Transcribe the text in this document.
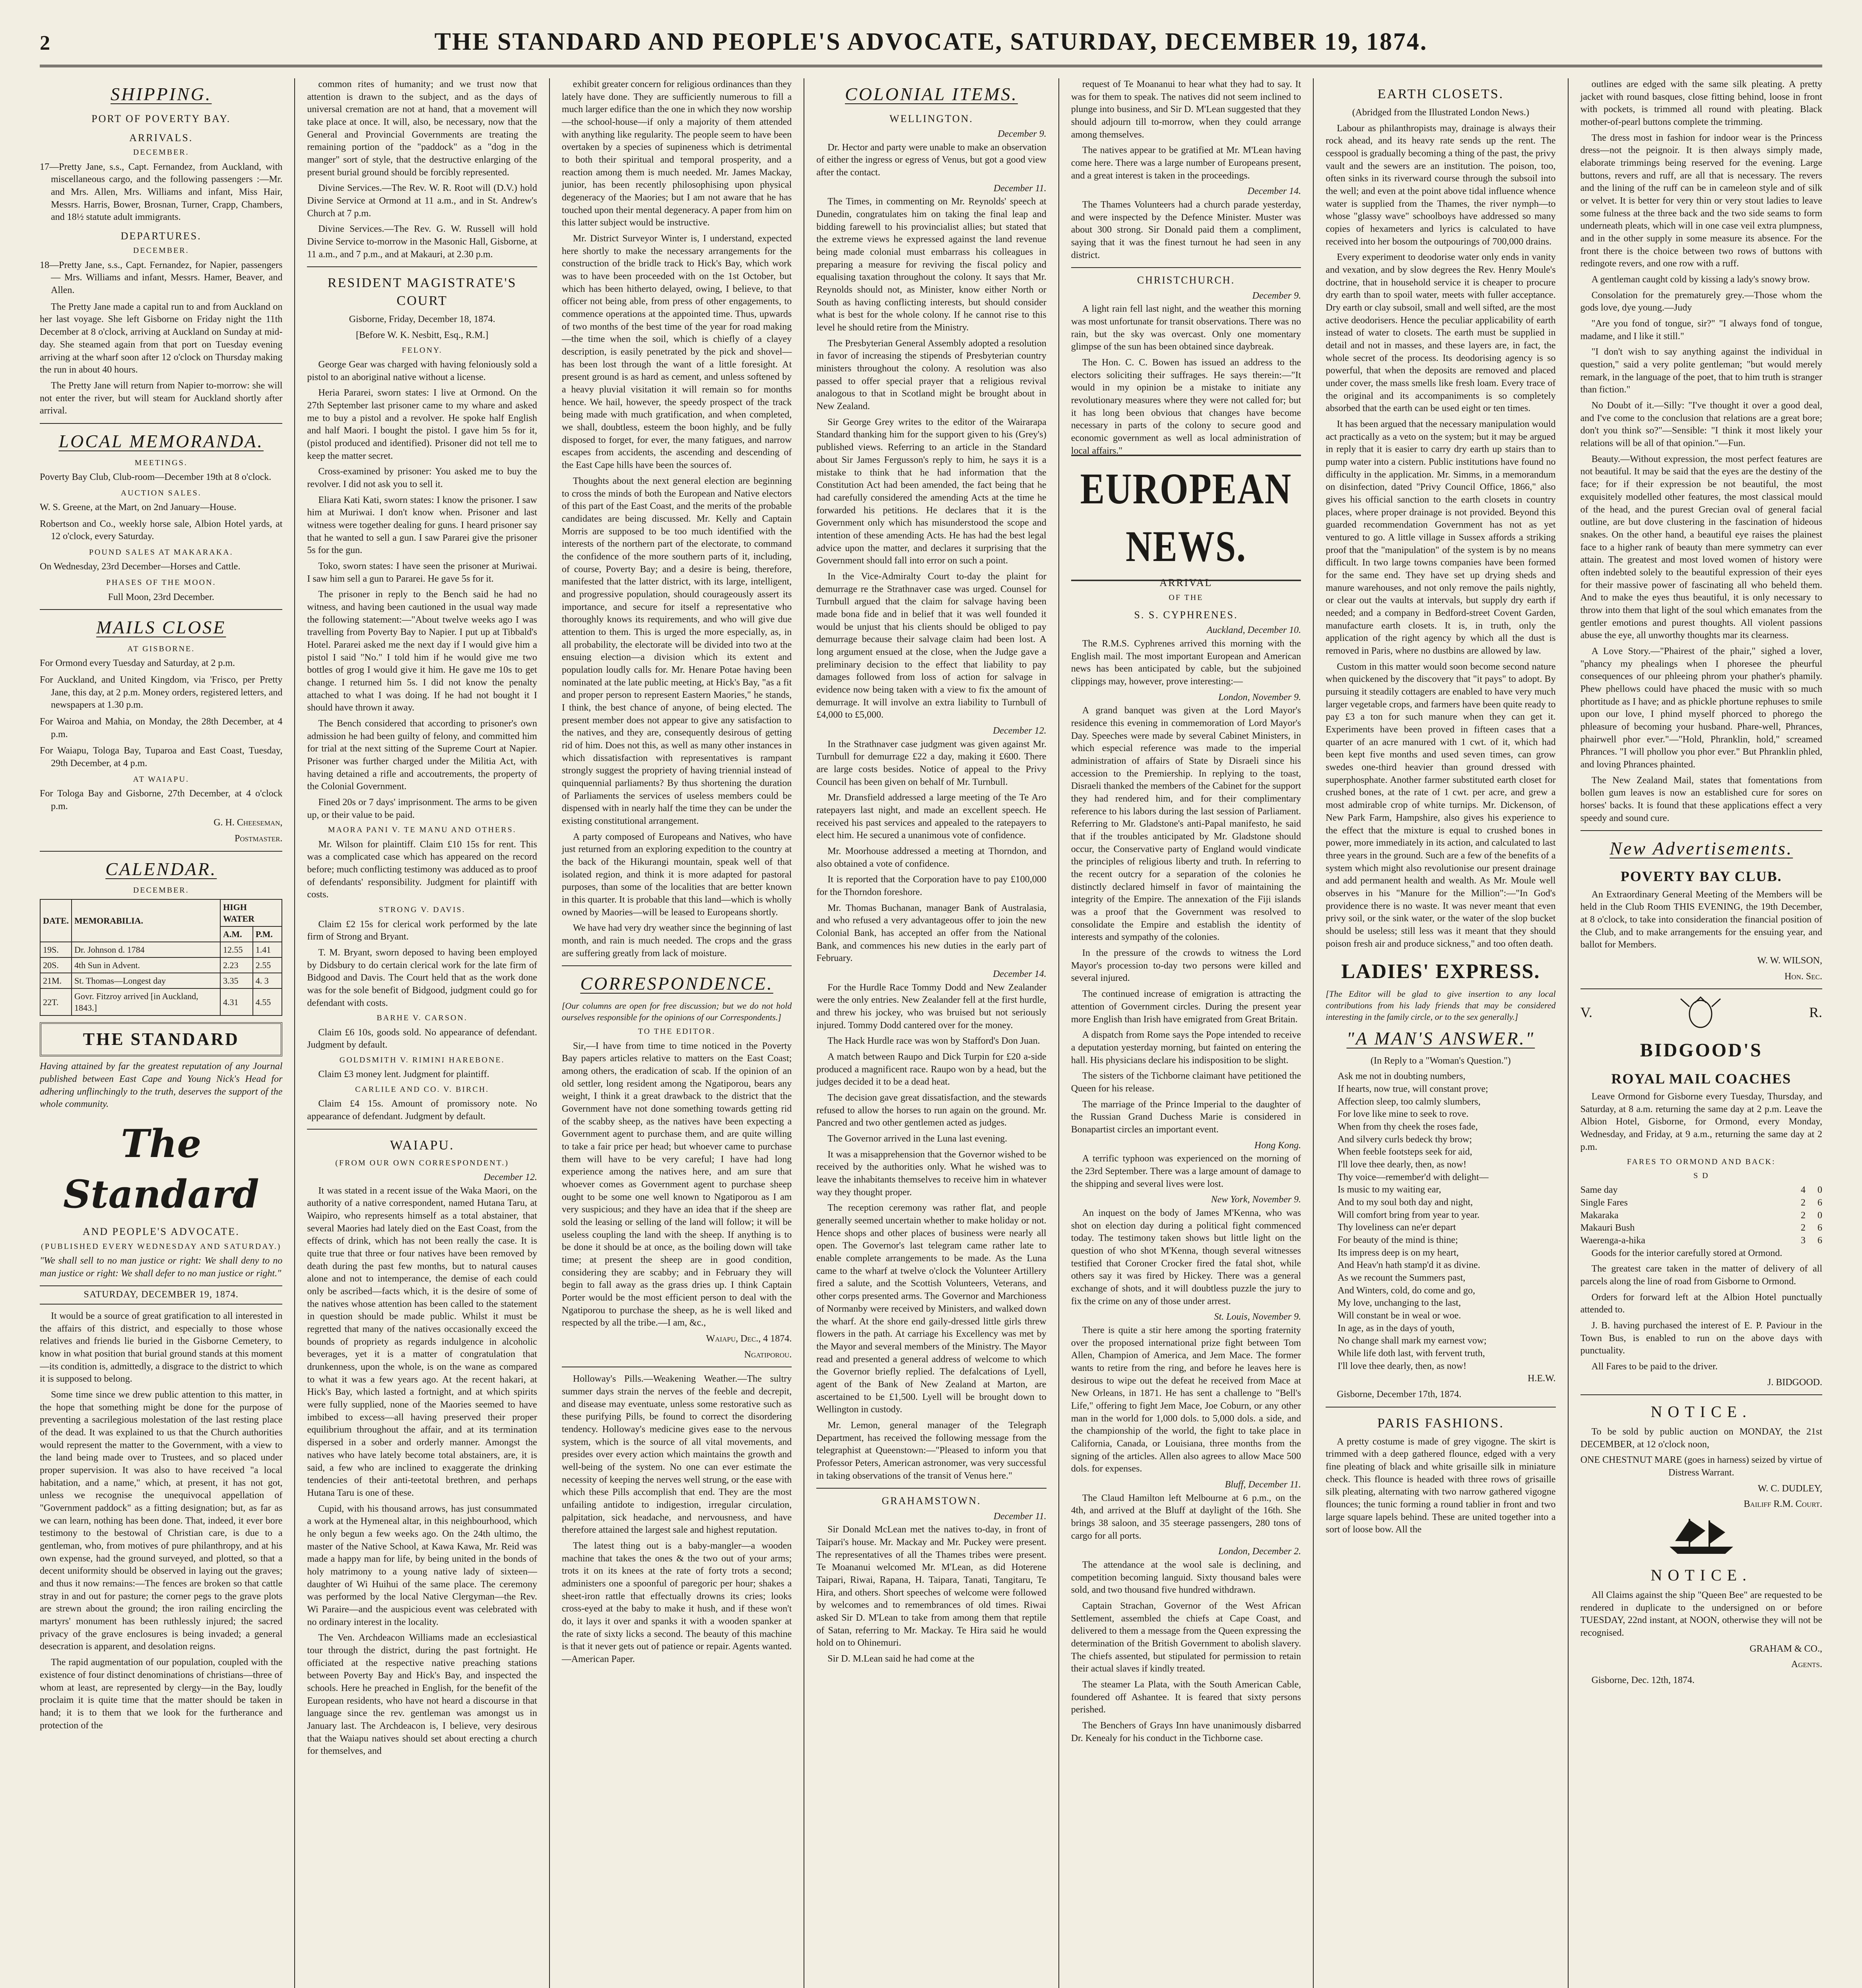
2	THE STANDARD AND PEOPLE'S ADVOCATE, SATURDAY, DECEMBER 19, 1874.
SHIPPING.
PORT OF POVERTY BAY.
ARRIVALS.
DECEMBER.

17—Pretty Jane, s.s., Capt. Fernandez, from Auckland, with miscellaneous cargo, and the following passengers :—Mr. and Mrs. Allen, Mrs. Williams and infant, Miss Hair, Messrs. Harris, Bower, Brosnan, Turner, Crapp, Chambers, and 18½ statute adult immigrants.

DEPARTURES.
DECEMBER.

18—Pretty Jane, s.s., Capt. Fernandez, for Napier, passengers — Mrs. Williams and infant, Messrs. Hamer, Beaver, and Allen.

The Pretty Jane made a capital run to and from Auckland on her last voyage. She left Gisborne on Friday night the 11th December at 8 o'clock, arriving at Auckland on Sunday at mid-day. She steamed again from that port on Tuesday evening arriving at the wharf soon after 12 o'clock on Thursday making the run in about 40 hours.

The Pretty Jane will return from Napier to-morrow: she will not enter the river, but will steam for Auckland shortly after arrival.

LOCAL MEMORANDA.
MEETINGS.

Poverty Bay Club, Club-room—December 19th at 8 o'clock.

AUCTION SALES.

W. S. Greene, at the Mart, on 2nd January—House.

Robertson and Co., weekly horse sale, Albion Hotel yards, at 12 o'clock, every Saturday.

POUND SALES AT MAKARAKA.

On Wednesday, 23rd December—Horses and Cattle.

PHASES OF THE MOON.

Full Moon, 23rd December.

MAILS CLOSE
AT GISBORNE.

For Ormond every Tuesday and Saturday, at 2 p.m.

For Auckland, and United Kingdom, via 'Frisco, per Pretty Jane, this day, at 2 p.m. Money orders, registered letters, and newspapers at 1.30 p.m.

For Wairoa and Mahia, on Monday, the 28th December, at 4 p.m.

For Waiapu, Tologa Bay, Tuparoa and East Coast, Tuesday, 29th December, at 4 p.m.

AT WAIAPU.

For Tologa Bay and Gisborne, 27th December, at 4 o'clock p.m.

G. H. Cheeseman,

Postmaster.

CALENDAR.
DECEMBER.
DATE.	MEMORABILIA.	HIGH WATER	
		A.M.	P.M.
19S.	Dr. Johnson d. 1784	12.55	1.41
20S.	4th Sun in Advent.	2.23	2.55
21M.	St. Thomas—Longest day	3.35	4. 3
22T.	Govr. Fitzroy arrived [in Auckland, 1843.]	4.31	4.55
THE STANDARD

Having attained by far the greatest reputation of any Journal published between East Cape and Young Nick's Head for adhering unflinchingly to the truth, deserves the support of the whole community.

The Standard
AND PEOPLE'S ADVOCATE.
(PUBLISHED EVERY WEDNESDAY AND SATURDAY.)

"We shall sell to no man justice or right: We shall deny to no man justice or right: We shall defer to no man justice or right."

SATURDAY, DECEMBER 19, 1874.

It would be a source of great gratification to all interested in the affairs of this district, and especially to those whose relatives and friends lie buried in the Gisborne Cemetery, to know in what position that burial ground stands at this moment—its condition is, admittedly, a disgrace to the district to which it is supposed to belong.

Some time since we drew public attention to this matter, in the hope that something might be done for the purpose of preventing a sacrilegious molestation of the last resting place of the dead. It was explained to us that the Church authorities would represent the matter to the Government, with a view to the land being made over to Trustees, and so placed under proper supervision. It was also to have received "a local habitation, and a name," which, at present, it has not got, unless we recognise the unequivocal appellation of "Government paddock" as a fitting designation; but, as far as we can learn, nothing has been done. That, indeed, it ever bore testimony to the bestowal of Christian care, is due to a gentleman, who, from motives of pure philanthropy, and at his own expense, had the ground surveyed, and plotted, so that a decent uniformity should be observed in laying out the graves; and thus it now remains:—The fences are broken so that cattle stray in and out for pasture; the corner pegs to the grave plots are strewn about the ground; the iron railing encircling the martyrs' monument has been ruthlessly injured; the sacred privacy of the grave enclosures is being invaded; a general desecration is apparent, and desolation reigns.

The rapid augmentation of our population, coupled with the existence of four distinct denominations of christians—three of whom at least, are represented by clergy—in the Bay, loudly proclaim it is quite time that the matter should be taken in hand; it is to them that we look for the furtherance and protection of the

common rites of humanity; and we trust now that attention is drawn to the subject, and as the days of universal cremation are not at hand, that a movement will take place at once. It will, also, be necessary, now that the General and Provincial Governments are treating the remaining portion of the "paddock" as a "dog in the manger" sort of style, that the destructive enlarging of the present burial ground should be forcibly represented.

Divine Services.—The Rev. W. R. Root will (D.V.) hold Divine Service at Ormond at 11 a.m., and in St. Andrew's Church at 7 p.m.

Divine Services.—The Rev. G. W. Russell will hold Divine Service to-morrow in the Masonic Hall, Gisborne, at 11 a.m., and 7 p.m., and at Makauri, at 2.30 p.m.

RESIDENT MAGISTRATE'S COURT

Gisborne, Friday, December 18, 1874.

[Before W. K. Nesbitt, Esq., R.M.]

FELONY.

George Gear was charged with having feloniously sold a pistol to an aboriginal native without a license.

Heria Pararei, sworn states: I live at Ormond. On the 27th September last prisoner came to my whare and asked me to buy a pistol and a revolver. He spoke half English and half Maori. I bought the pistol. I gave him 5s for it, (pistol produced and identified). Prisoner did not tell me to keep the matter secret.

Cross-examined by prisoner: You asked me to buy the revolver. I did not ask you to sell it.

Eliara Kati Kati, sworn states: I know the prisoner. I saw him at Muriwai. I don't know when. Prisoner and last witness were together dealing for guns. I heard prisoner say that he wanted to sell a gun. I saw Pararei give the prisoner 5s for the gun.

Toko, sworn states: I have seen the prisoner at Muriwai. I saw him sell a gun to Pararei. He gave 5s for it.

The prisoner in reply to the Bench said he had no witness, and having been cautioned in the usual way made the following statement:—"About twelve weeks ago I was travelling from Poverty Bay to Napier. I put up at Tibbald's Hotel. Pararei asked me the next day if I would give him a pistol I said "No." I told him if he would give me two bottles of grog I would give it him. He gave me 10s to get change. I returned him 5s. I did not know the penalty attached to what I was doing. If he had not bought it I should have thrown it away.

The Bench considered that according to prisoner's own admission he had been guilty of felony, and committed him for trial at the next sitting of the Supreme Court at Napier. Prisoner was further charged under the Militia Act, with having detained a rifle and accoutrements, the property of the Colonial Government.

Fined 20s or 7 days' imprisonment. The arms to be given up, or their value to be paid.

MAORA PANI V. TE MANU AND OTHERS.

Mr. Wilson for plaintiff. Claim £10 15s for rent. This was a complicated case which has appeared on the record before; much conflicting testimony was adduced as to proof of defendants' responsibility. Judgment for plaintiff with costs.

STRONG V. DAVIS.

Claim £2 15s for clerical work performed by the late firm of Strong and Bryant.

T. M. Bryant, sworn deposed to having been employed by Didsbury to do certain clerical work for the late firm of Bidgood and Davis. The Court held that as the work done was for the sole benefit of Bidgood, judgment could go for defendant with costs.

BARHE V. CARSON.

Claim £6 10s, goods sold. No appearance of defendant. Judgment by default.

GOLDSMITH V. RIMINI HAREBONE.

Claim £3 money lent. Judgment for plaintiff.

CARLILE AND CO. V. BIRCH.

Claim £4 15s. Amount of promissory note. No appearance of defendant. Judgment by default.

WAIAPU.
(FROM OUR OWN CORRESPONDENT.)

December 12.

It was stated in a recent issue of the Waka Maori, on the authority of a native correspondent, named Hutana Taru, at Waipiro, who represents himself as a total abstainer, that several Maories had lately died on the East Coast, from the effects of drink, which has not been really the case. It is quite true that three or four natives have been removed by death during the past few months, but to natural causes alone and not to intemperance, the demise of each could only be ascribed—facts which, it is the desire of some of the natives whose attention has been called to the statement in question should be made public. Whilst it must be regretted that many of the natives occasionally exceed the bounds of propriety as regards indulgence in alcoholic beverages, yet it is a matter of congratulation that drunkenness, upon the whole, is on the wane as compared to what it was a few years ago. At the recent hakari, at Hick's Bay, which lasted a fortnight, and at which spirits were fully supplied, none of the Maories seemed to have imbibed to excess—all having preserved their proper equilibrium throughout the affair, and at its termination dispersed in a sober and orderly manner. Amongst the natives who have lately become total abstainers, are, it is said, a few who are inclined to exaggerate the drinking tendencies of their anti-teetotal brethren, and perhaps Hutana Taru is one of these.

Cupid, with his thousand arrows, has just consummated a work at the Hymeneal altar, in this neighbourhood, which he only begun a few weeks ago. On the 24th ultimo, the master of the Native School, at Kawa Kawa, Mr. Reid was made a happy man for life, by being united in the bonds of holy matrimony to a young native lady of sixteen—daughter of Wi Huihui of the same place. The ceremony was performed by the local Native Clergyman—the Rev. Wi Paraire—and the auspicious event was celebrated with no ordinary interest in the locality.

The Ven. Archdeacon Williams made an ecclesiastical tour through the district, during the past fortnight. He officiated at the respective native preaching stations between Poverty Bay and Hick's Bay, and inspected the schools. Here he preached in English, for the benefit of the European residents, who have not heard a discourse in that language since the rev. gentleman was amongst us in January last. The Archdeacon is, I believe, very desirous that the Waiapu natives should set about erecting a church for themselves, and

exhibit greater concern for religious ordinances than they lately have done. They are sufficiently numerous to fill a much larger edifice than the one in which they now worship—the school-house—if only a majority of them attended with anything like regularity. The people seem to have been overtaken by a species of supineness which is detrimental to both their spiritual and temporal prosperity, and a reaction among them is much needed. Mr. James Mackay, junior, has been recently philosophising upon physical degeneracy of the Maories; but I am not aware that he has touched upon their mental degeneracy. A paper from him on this latter subject would be instructive.

Mr. District Surveyor Winter is, I understand, expected here shortly to make the necessary arrangements for the construction of the bridle track to Hick's Bay, which work was to have been proceeded with on the 1st October, but which has been hitherto delayed, owing, I believe, to that officer not being able, from press of other engagements, to commence operations at the appointed time. Thus, upwards of two months of the best time of the year for road making—the time when the soil, which is chiefly of a clayey description, is easily penetrated by the pick and shovel—has been lost through the want of a little foresight. At present ground is as hard as cement, and unless softened by a heavy pluvial visitation it will remain so for months hence. We hail, however, the speedy prospect of the track being made with much gratification, and when completed, we shall, doubtless, esteem the boon highly, and be fully disposed to forget, for ever, the many fatigues, and narrow escapes from accidents, the ascending and descending of the East Cape hills have been the sources of.

Thoughts about the next general election are beginning to cross the minds of both the European and Native electors of this part of the East Coast, and the merits of the probable candidates are being discussed. Mr. Kelly and Captain Morris are supposed to be too much identified with the interests of the northern part of the electorate, to command the confidence of the more southern parts of it, including, of course, Poverty Bay; and a desire is being, therefore, manifested that the latter district, with its large, intelligent, and progressive population, should courageously assert its importance, and secure for itself a representative who thoroughly knows its requirements, and who will give due attention to them. This is urged the more especially, as, in all probability, the electorate will be divided into two at the ensuing election—a division which its extent and population loudly calls for. Mr. Henare Potae having been nominated at the late public meeting, at Hick's Bay, "as a fit and proper person to represent Eastern Maories," he stands, I think, the best chance of anyone, of being elected. The present member does not appear to give any satisfaction to the natives, and they are, consequently desirous of getting rid of him. Does not this, as well as many other instances in which dissatisfaction with representatives is rampant strongly suggest the propriety of having triennial instead of quinquennial parliaments? By thus shortening the duration of Parliaments the services of useless members could be dispensed with in nearly half the time they can be under the existing constitutional arrangement.

A party composed of Europeans and Natives, who have just returned from an exploring expedition to the country at the back of the Hikurangi mountain, speak well of that isolated region, and think it is more adapted for pastoral purposes, than some of the localities that are better known in this quarter. It is probable that this land—which is wholly owned by Maories—will be leased to Europeans shortly.

We have had very dry weather since the beginning of last month, and rain is much needed. The crops and the grass are suffering greatly from lack of moisture.

CORRESPONDENCE.

[Our columns are open for free discussion; but we do not hold ourselves responsible for the opinions of our Correspondents.]

TO THE EDITOR.

Sir,—I have from time to time noticed in the Poverty Bay papers articles relative to matters on the East Coast; among others, the eradication of scab. If the opinion of an old settler, long resident among the Ngatiporou, bears any weight, I think it a great drawback to the district that the Government have not done something towards getting rid of the scabby sheep, as the natives have been expecting a Government agent to purchase them, and are quite willing to take a fair price per head; but whoever came to purchase them will have to be very careful; I have had long experience among the natives here, and am sure that whoever comes as Government agent to purchase sheep ought to be some one well known to Ngatiporou as I am very suspicious; and they have an idea that if the sheep are sold the leasing or selling of the land will follow; it will be useless coupling the land with the sheep. If anything is to be done it should be at once, as the boiling down will take time; at present the sheep are in good condition, considering they are scabby; and in February they will begin to fall away as the grass dries up. I think Captain Porter would be the most efficient person to deal with the Ngatiporou to purchase the sheep, as he is well liked and respected by all the tribe.—I am, &c.,

Waiapu, Dec., 4 1874.

Ngatiporou.

Holloway's Pills.—Weakening Weather.—The sultry summer days strain the nerves of the feeble and decrepit, and disease may eventuate, unless some restorative such as these purifying Pills, be found to correct the disordering tendency. Holloway's medicine gives ease to the nervous system, which is the source of all vital movements, and presides over every action which maintains the growth and well-being of the system. No one can ever estimate the necessity of keeping the nerves well strung, or the ease with which these Pills accomplish that end. They are the most unfailing antidote to indigestion, irregular circulation, palpitation, sick headache, and nervousness, and have therefore attained the largest sale and highest reputation.

The latest thing out is a baby-mangler—a wooden machine that takes the ones & the two out of your arms; trots it on its knees at the rate of forty trots a second; administers one a spoonful of paregoric per hour; shakes a sheet-iron rattle that effectually drowns its cries; looks cross-eyed at the baby to make it hush, and if these won't do, it lays it over and spanks it with a wooden spanker at the rate of sixty licks a second. The beauty of this machine is that it never gets out of patience or repair. Agents wanted.—American Paper.

COLONIAL ITEMS.
WELLINGTON.

December 9.

Dr. Hector and party were unable to make an observation of either the ingress or egress of Venus, but got a good view after the contact.

December 11.

The Times, in commenting on Mr. Reynolds' speech at Dunedin, congratulates him on taking the final leap and bidding farewell to his provincialist allies; but stated that the extreme views he expressed against the land revenue being made colonial must embarrass his colleagues in preparing a measure for reviving the fiscal policy and equalising taxation throughout the colony. It says that Mr. Reynolds should not, as Minister, know either North or South as having conflicting interests, but should consider what is best for the whole colony. If he cannot rise to this level he should retire from the Ministry.

The Presbyterian General Assembly adopted a resolution in favor of increasing the stipends of Presbyterian country ministers throughout the colony. A resolution was also passed to offer special prayer that a religious revival analogous to that in Scotland might be brought about in New Zealand.

Sir George Grey writes to the editor of the Wairarapa Standard thanking him for the support given to his (Grey's) published views. Referring to an article in the Standard about Sir James Fergusson's reply to him, he says it is a mistake to think that he had information that the Constitution Act had been amended, the fact being that he had carefully considered the amending Acts at the time he forwarded his petitions. He declares that it is the Government only which has misunderstood the scope and intention of these amending Acts. He has had the best legal advice upon the matter, and declares it surprising that the Government should fall into error on such a point.

In the Vice-Admiralty Court to-day the plaint for demurrage re the Strathnaver case was urged. Counsel for Turnbull argued that the claim for salvage having been made bona fide and in belief that it was well founded it would be unjust that his clients should be obliged to pay demurrage because their salvage claim had been lost. A long argument ensued at the close, when the Judge gave a preliminary decision to the effect that liability to pay damages followed from loss of action for salvage in evidence now being taken with a view to fix the amount of demurrage. It will involve an extra liability to Turnbull of £4,000 to £5,000.

December 12.

In the Strathnaver case judgment was given against Mr. Turnbull for demurrage £22 a day, making it £600. There are large costs besides. Notice of appeal to the Privy Council has been given on behalf of Mr. Turnbull.

Mr. Dransfield addressed a large meeting of the Te Aro ratepayers last night, and made an excellent speech. He received his past services and appealed to the ratepayers to elect him. He secured a unanimous vote of confidence.

Mr. Moorhouse addressed a meeting at Thorndon, and also obtained a vote of confidence.

It is reported that the Corporation have to pay £100,000 for the Thorndon foreshore.

Mr. Thomas Buchanan, manager Bank of Australasia, and who refused a very advantageous offer to join the new Colonial Bank, has accepted an offer from the National Bank, and commences his new duties in the early part of February.

December 14.

For the Hurdle Race Tommy Dodd and New Zealander were the only entries. New Zealander fell at the first hurdle, and threw his jockey, who was bruised but not seriously injured. Tommy Dodd cantered over for the money.

The Hack Hurdle race was won by Stafford's Don Juan.

A match between Raupo and Dick Turpin for £20 a-side produced a magnificent race. Raupo won by a head, but the judges decided it to be a dead heat.

The decision gave great dissatisfaction, and the stewards refused to allow the horses to run again on the ground. Mr. Pancred and two other gentlemen acted as judges.

The Governor arrived in the Luna last evening.

It was a misapprehension that the Governor wished to be received by the authorities only. What he wished was to leave the inhabitants themselves to receive him in whatever way they thought proper.

The reception ceremony was rather flat, and people generally seemed uncertain whether to make holiday or not. Hence shops and other places of business were nearly all open. The Governor's last telegram came rather late to enable complete arrangements to be made. As the Luna came to the wharf at twelve o'clock the Volunteer Artillery fired a salute, and the Scottish Volunteers, Veterans, and other corps presented arms. The Governor and Marchioness of Normanby were received by Ministers, and walked down the wharf. At the shore end gaily-dressed little girls threw flowers in the path. At carriage his Excellency was met by the Mayor and several members of the Ministry. The Mayor read and presented a general address of welcome to which the Governor briefly replied. The defalcations of Lyell, agent of the Bank of New Zealand at Marton, are ascertained to be £1,500. Lyell will be brought down to Wellington in custody.

Mr. Lemon, general manager of the Telegraph Department, has received the following message from the telegraphist at Queenstown:—"Pleased to inform you that Professor Peters, American astronomer, was very successful in taking observations of the transit of Venus here."

GRAHAMSTOWN.

December 11.

Sir Donald McLean met the natives to-day, in front of Taipari's house. Mr. Mackay and Mr. Puckey were present. The representatives of all the Thames tribes were present. Te Moananui welcomed Mr. M'Lean, as did Hoterene Taipari, Riwai, Rapana, H. Taipara, Tanati, Tangitaru, Te Hira, and others. Short speeches of welcome were followed by welcomes and to remembrances of old times. Riwai asked Sir D. M'Lean to take from among them that reptile of Satan, referring to Mr. Mackay. Te Hira said he would hold on to Ohinemuri.

Sir D. M.Lean said he had come at the

request of Te Moananui to hear what they had to say. It was for them to speak. The natives did not seem inclined to plunge into business, and Sir D. M'Lean suggested that they should adjourn till to-morrow, when they could arrange among themselves.

The natives appear to be gratified at Mr. M'Lean having come here. There was a large number of Europeans present, and a great interest is taken in the proceedings.

December 14.

The Thames Volunteers had a church parade yesterday, and were inspected by the Defence Minister. Muster was about 300 strong. Sir Donald paid them a compliment, saying that it was the finest turnout he had seen in any district.

CHRISTCHURCH.

December 9.

A light rain fell last night, and the weather this morning was most unfortunate for transit observations. There was no rain, but the sky was overcast. Only one momentary glimpse of the sun has been obtained since daybreak.

The Hon. C. C. Bowen has issued an address to the electors soliciting their suffrages. He says therein:—"It would in my opinion be a mistake to initiate any revolutionary measures where they were not called for; but it has long been obvious that changes have become necessary in parts of the colony to secure good and economic government as well as local administration of local affairs."

EUROPEAN NEWS.
ARRIVAL
OF THE
S. S. CYPHRENES.

Auckland, December 10.

The R.M.S. Cyphrenes arrived this morning with the English mail. The most important European and American news has been anticipated by cable, but the subjoined clippings may, however, prove interesting:—

London, November 9.

A grand banquet was given at the Lord Mayor's residence this evening in commemoration of Lord Mayor's Day. Speeches were made by several Cabinet Ministers, in which especial reference was made to the imperial administration of affairs of State by Disraeli since his accession to the Premiership. In replying to the toast, Disraeli thanked the members of the Cabinet for the support they had rendered him, and for their complimentary reference to his labors during the last session of Parliament. Referring to Mr. Gladstone's anti-Papal manifesto, he said that if the troubles anticipated by Mr. Gladstone should occur, the Conservative party of England would vindicate the principles of religious liberty and truth. In referring to the recent outcry for a separation of the colonies he distinctly declared himself in favor of maintaining the integrity of the Empire. The annexation of the Fiji islands was a proof that the Government was resolved to consolidate the Empire and establish the identity of interests and sympathy of the colonies.

In the pressure of the crowds to witness the Lord Mayor's procession to-day two persons were killed and several injured.

The continued increase of emigration is attracting the attention of Government circles. During the present year more English than Irish have emigrated from Great Britain.

A dispatch from Rome says the Pope intended to receive a deputation yesterday morning, but fainted on entering the hall. His physicians declare his indisposition to be slight.

The sisters of the Tichborne claimant have petitioned the Queen for his release.

The marriage of the Prince Imperial to the daughter of the Russian Grand Duchess Marie is considered in Bonapartist circles an important event.

Hong Kong.

A terrific typhoon was experienced on the morning of the 23rd September. There was a large amount of damage to the shipping and several lives were lost.

New York, November 9.

An inquest on the body of James M'Kenna, who was shot on election day during a political fight commenced today. The testimony taken shows but little light on the question of who shot M'Kenna, though several witnesses testified that Coroner Crocker fired the fatal shot, while others say it was fired by Hickey. There was a general exchange of shots, and it will doubtless puzzle the jury to fix the crime on any of those under arrest.

St. Louis, November 9.

There is quite a stir here among the sporting fraternity over the proposed international prize fight between Tom Allen, Champion of America, and Jem Mace. The former wants to retire from the ring, and before he leaves here is desirous to wipe out the defeat he received from Mace at New Orleans, in 1871. He has sent a challenge to "Bell's Life," offering to fight Jem Mace, Joe Coburn, or any other man in the world for 1,000 dols. to 5,000 dols. a side, and the championship of the world, the fight to take place in California, Canada, or Louisiana, three months from the signing of the articles. Allen also agrees to allow Mace 500 dols. for expenses.

Bluff, December 11.

The Claud Hamilton left Melbourne at 6 p.m., on the 4th, and arrived at the Bluff at daylight of the 16th. She brings 38 saloon, and 35 steerage passengers, 280 tons of cargo for all ports.

London, December 2.

The attendance at the wool sale is declining, and competition becoming languid. Sixty thousand bales were sold, and two thousand five hundred withdrawn.

Captain Strachan, Governor of the West African Settlement, assembled the chiefs at Cape Coast, and delivered to them a message from the Queen expressing the determination of the British Government to abolish slavery. The chiefs assented, but stipulated for permission to retain their actual slaves if kindly treated.

The steamer La Plata, with the South American Cable, foundered off Ashantee. It is feared that sixty persons perished.

The Benchers of Grays Inn have unanimously disbarred Dr. Kenealy for his conduct in the Tichborne case.

EARTH CLOSETS.

(Abridged from the Illustrated London News.)

Labour as philanthropists may, drainage is always their rock ahead, and its heavy rate sends up the rent. The cesspool is gradually becoming a thing of the past, the privy vault and the sewers are an institution. The poison, too, often sinks in its riverward course through the subsoil into the well; and even at the point above tidal influence whence water is supplied from the Thames, the river nymph—to whose "glassy wave" schoolboys have addressed so many copies of hexameters and lyrics is calculated to have received into her bosom the outpourings of 700,000 drains.

Every experiment to deodorise water only ends in vanity and vexation, and by slow degrees the Rev. Henry Moule's doctrine, that in household service it is cheaper to procure dry earth than to spoil water, meets with fuller acceptance. Dry earth or clay subsoil, small and well sifted, are the most active deodorisers. Hence the peculiar applicability of earth instead of water to closets. The earth must be supplied in detail and not in masses, and these layers are, in fact, the whole secret of the process. Its deodorising agency is so powerful, that when the deposits are removed and placed under cover, the mass smells like fresh loam. Every trace of the original and its accompaniments is so completely absorbed that the earth can be used eight or ten times.

It has been argued that the necessary manipulation would act practically as a veto on the system; but it may be argued in reply that it is easier to carry dry earth up stairs than to pump water into a cistern. Public institutions have found no difficulty in the application. Mr. Simms, in a memorandum on disinfection, dated "Privy Council Office, 1866," also gives his official sanction to the earth closets in country places, where proper drainage is not provided. Beyond this guarded recommendation Government has not as yet ventured to go. A little village in Sussex affords a striking proof that the "manipulation" of the system is by no means difficult. In two large towns companies have been formed for the same end. They have set up drying sheds and manure warehouses, and not only remove the pails nightly, or clear out the vaults at intervals, but supply dry earth if needed; and a company in Bedford-street Covent Garden, manufacture earth closets. It is, in truth, only the application of the right agency by which all the dust is removed in Paris, where no dustbins are allowed by law.

Custom in this matter would soon become second nature when quickened by the discovery that "it pays" to adopt. By pursuing it steadily cottagers are enabled to have very much larger vegetable crops, and farmers have been quite ready to pay £3 a ton for such manure when they can get it. Experiments have been proved in fifteen cases that a quarter of an acre manured with 1 cwt. of it, which had been kept five months and used seven times, can grow swedes one-third heavier than ground dressed with superphosphate. Another farmer substituted earth closet for crushed bones, at the rate of 1 cwt. per acre, and grew a most admirable crop of white turnips. Mr. Dickenson, of New Park Farm, Hampshire, also gives his experience to the effect that the mixture is equal to crushed bones in power, more immediately in its action, and calculated to last three years in the ground. Such are a few of the benefits of a system which might also revolutionise our present drainage and add permanent health and wealth. As Mr. Moule well observes in his "Manure for the Million":—"In God's providence there is no waste. It was never meant that even privy soil, or the sink water, or the water of the slop bucket should be useless; still less was it meant that they should poison fresh air and produce sickness," and too often death.

LADIES' EXPRESS.

[The Editor will be glad to give insertion to any local contributions from his lady friends that may be considered interesting in the family circle, or to the sex generally.]

"A MAN'S ANSWER."

(In Reply to a "Woman's Question.")

Ask me not in doubting numbers,

If hearts, now true, will constant prove;

Affection sleep, too calmly slumbers,

For love like mine to seek to rove.

When from thy cheek the roses fade,

And silvery curls bedeck thy brow;

When feeble footsteps seek for aid,

I'll love thee dearly, then, as now!

Thy voice—remember'd with delight—

Is music to my waiting ear,

And to my soul both day and night,

Will comfort bring from year to year.

Thy loveliness can ne'er depart

For beauty of the mind is thine;

Its impress deep is on my heart,

And Heav'n hath stamp'd it as divine.

As we recount the Summers past,

And Winters, cold, do come and go,

My love, unchanging to the last,

Will constant be in weal or woe.

In age, as in the days of youth,

No change shall mark my earnest vow;

While life doth last, with fervent truth,

I'll love thee dearly, then, as now!

H.E.W.

Gisborne, December 17th, 1874.

PARIS FASHIONS.

A pretty costume is made of grey vigogne. The skirt is trimmed with a deep gathered flounce, edged with a very fine pleating of black and white grisaille silk in miniature check. This flounce is headed with three rows of grisaille silk pleating, alternating with two narrow gathered vigogne flounces; the tunic forming a round tablier in front and two large square lapels behind. These are united together into a sort of loose bow. All the

outlines are edged with the same silk pleating. A pretty jacket with round basques, close fitting behind, loose in front with pockets, is trimmed all round with pleating. Black mother-of-pearl buttons complete the trimming.

The dress most in fashion for indoor wear is the Princess dress—not the peignoir. It is then always simply made, elaborate trimmings being reserved for the evening. Large buttons, revers and ruff, are all that is necessary. The revers and the lining of the ruff can be in cameleon style and of silk or velvet. It is better for very thin or very stout ladies to leave some fulness at the three back and the two side seams to form underneath pleats, which will in one case veil extra plumpness, and in the other supply in some measure its absence. For the front there is the choice between two rows of buttons with redingote revers, and one row with a ruff.

A gentleman caught cold by kissing a lady's snowy brow.

Consolation for the prematurely grey.—Those whom the gods love, dye young.—Judy

"Are you fond of tongue, sir?" "I always fond of tongue, madame, and I like it still."

"I don't wish to say anything against the individual in question," said a very polite gentleman; "but would merely remark, in the language of the poet, that to him truth is stranger than fiction."

No Doubt of it.—Silly: "I've thought it over a good deal, and I've come to the conclusion that relations are a great bore; don't you think so?"—Sensible: "I think it most likely your relations will be all of that opinion."—Fun.

Beauty.—Without expression, the most perfect features are not beautiful. It may be said that the eyes are the destiny of the face; for if their expression be not beautiful, the most exquisitely modelled other features, the most classical mould of the head, and the purest Grecian oval of general facial outline, are but dove clustering in the fascination of hideous snakes. On the other hand, a beautiful eye raises the plainest face to a higher rank of beauty than mere symmetry can ever attain. The greatest and most loved women of history were often indebted solely to the beautiful expression of their eyes for their massive power of fascinating all who beheld them. And to make the eyes thus beautiful, it is only necessary to throw into them that light of the soul which emanates from the gentler emotions and purest thoughts. All violent passions abuse the eye, all unworthy thoughts mar its clearness.

A Love Story.—"Phairest of the phair," sighed a lover, "phancy my phealings when I phoresee the pheurful consequences of our phleeing phrom your phather's phamily. Phew phellows could have phaced the music with so much phortitude as I have; and as phickle phortune rephuses to smile upon our love, I phind myself phorced to phorego the phleasure of becoming your husband. Phare-well, Phrances, phairwell phor ever."—"Hold, Phranklin, hold," screamed Phrances. "I will phollow you phor ever." But Phranklin phled, and loving Phrances phainted.

The New Zealand Mail, states that fomentations from bollen gum leaves is now an established cure for sores on horses' backs. It is found that these applications effect a very speedy and sound cure.

New Advertisements.
POVERTY BAY CLUB.

An Extraordinary General Meeting of the Members will be held in the Club Room THIS EVENING, the 19th December, at 8 o'clock, to take into consideration the financial position of the Club, and to make arrangements for the ensuing year, and ballot for Members.

W. W. WILSON,

Hon. Sec.

V.	R.
BIDGOOD'S
ROYAL MAIL COACHES

Leave Ormond for Gisborne every Tuesday, Thursday, and Saturday, at 8 a.m. returning the same day at 2 p.m. Leave the Albion Hotel, Gisborne, for Ormond, every Monday, Wednesday, and Friday, at 9 a.m., returning the same day at 2 p.m.

FARES TO ORMOND AND BACK:
S D
Same day	4 0
Single Fares	2 6
Makaraka	2 0
Makauri Bush	2 6
Waerenga-a-hika	3 6

Goods for the interior carefully stored at Ormond.

The greatest care taken in the matter of delivery of all parcels along the line of road from Gisborne to Ormond.

Orders for forward left at the Albion Hotel punctually attended to.

J. B. having purchased the interest of E. P. Paviour in the Town Bus, is enabled to run on the above days with punctuality.

All Fares to be paid to the driver.

J. BIDGOOD.

NOTICE.

To be sold by public auction on MONDAY, the 21st DECEMBER, at 12 o'clock noon,

ONE CHESTNUT MARE (goes in harness) seized by virtue of Distress Warrant.

W. C. DUDLEY,

Bailiff R.M. Court.

NOTICE.

All Claims against the ship "Queen Bee" are requested to be rendered in duplicate to the undersigned on or before TUESDAY, 22nd instant, at NOON, otherwise they will not be recognised.

GRAHAM & CO.,

Agents.

Gisborne, Dec. 12th, 1874.
